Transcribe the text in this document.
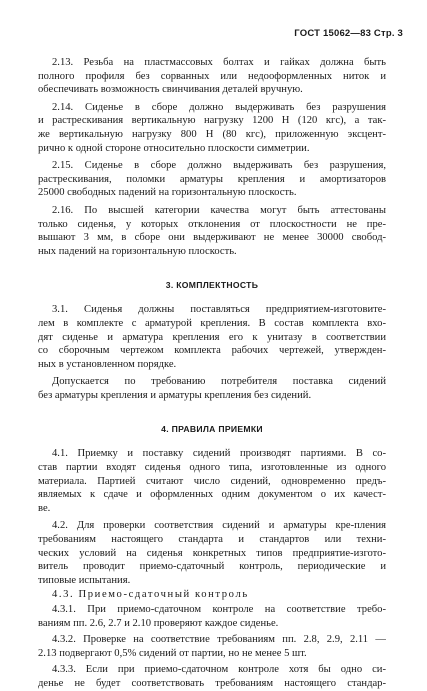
ГОСТ 15062—83 Стр. 3
2.13. Резьба на пластмассовых болтах и гайках должна быть
полного профиля без сорванных или недооформленных ниток и
обеспечивать возможность свинчивания деталей вручную.
2.14. Сиденье в сборе должно выдерживать без разрушения
и растрескивания вертикальную нагрузку 1200 Н (120 кгс), а так-
же вертикальную нагрузку 800 Н (80 кгс), приложенную эксцент-
рично к одной стороне относительно плоскости симметрии.
2.15. Сиденье в сборе должно выдерживать без разрушения,
растрескивания, поломки арматуры крепления и амортизаторов
25000 свободных падений на горизонтальную плоскость.
2.16. По высшей категории качества могут быть аттестованы
только сиденья, у которых отклонения от плоскостности не пре-
вышают 3 мм, в сборе они выдерживают не менее 30000 свобод-
ных падений на горизонтальную плоскость.
3. КОМПЛЕКТНОСТЬ
3.1. Сиденья должны поставляться предприятием-изготовите-
лем в комплекте с арматурой крепления. В состав комплекта вхо-
дят сиденье и арматура крепления его к унитазу в соответствии
со сборочным чертежом комплекта рабочих чертежей, утвержден-
ных в установленном порядке.
Допускается по требованию потребителя поставка сидений
без арматуры крепления и арматуры крепления без сидений.
4. ПРАВИЛА ПРИЕМКИ
4.1. Приемку и поставку сидений производят партиями. В со-
став партии входят сиденья одного типа, изготовленные из одного
материала. Партией считают число сидений, одновременно предъ-
являемых к сдаче и оформленных одним документом о их качест-
ве.
4.2. Для проверки соответствия сидений и арматуры кре-пления
требованиям настоящего стандарта и стандартов или техни-
ческих условий на сиденья конкретных типов предприятие-изгото-
витель проводит приемо-сдаточный контроль, периодические и
типовые испытания.
4.3. Приемо-сдаточный контроль
4.3.1. При приемо-сдаточном контроле на соответствие требо-
ваниям пп. 2.6, 2.7 и 2.10 проверяют каждое сиденье.
4.3.2. Проверке на соответствие требованиям пп. 2.8, 2.9, 2.11 —
2.13 подвергают 0,5% сидений от партии, но не менее 5 шт.
4.3.3. Если при приемо-сдаточном контроле хотя бы одно си-
денье не будет соответствовать требованиям настоящего стандар-
